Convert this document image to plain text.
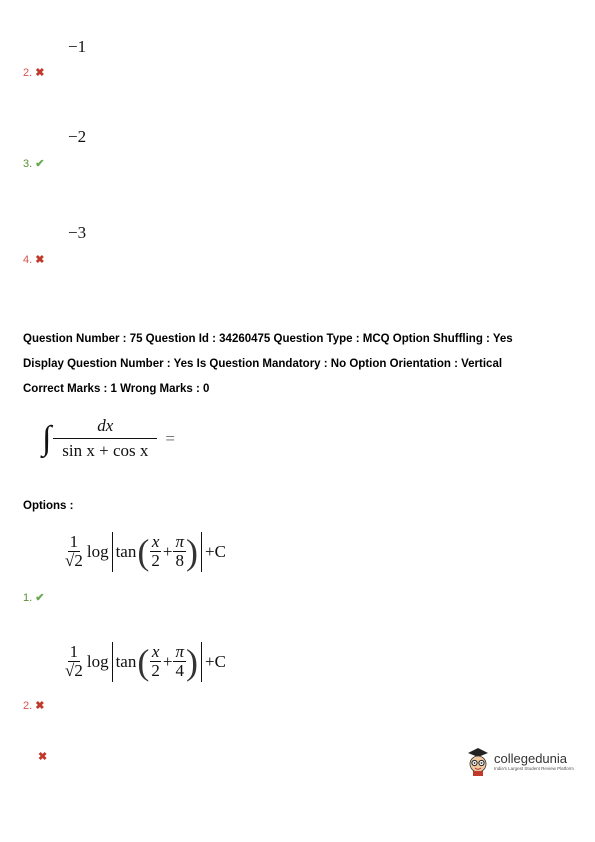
−1
2. ✖
−2
3. ✔
−3
4. ✖
Question Number : 75 Question Id : 34260475 Question Type : MCQ Option Shuffling : Yes
Display Question Number : Yes Is Question Mandatory : No Option Orientation : Vertical
Correct Marks : 1 Wrong Marks : 0
∫ $\frac{dx}{\text{sin x + cos x}}$ =
Options :
$\frac{1}{√2}$ log tan ( $\frac{x}{2} + \frac{\pi}{8}$ ) +C
1. ✔
$\frac{1}{√2}$ log tan ( $\frac{x}{2} + \frac{\pi}{4}$ ) +C
2. ✖
✖	collegedunia
India's Largest Student Review Platform
